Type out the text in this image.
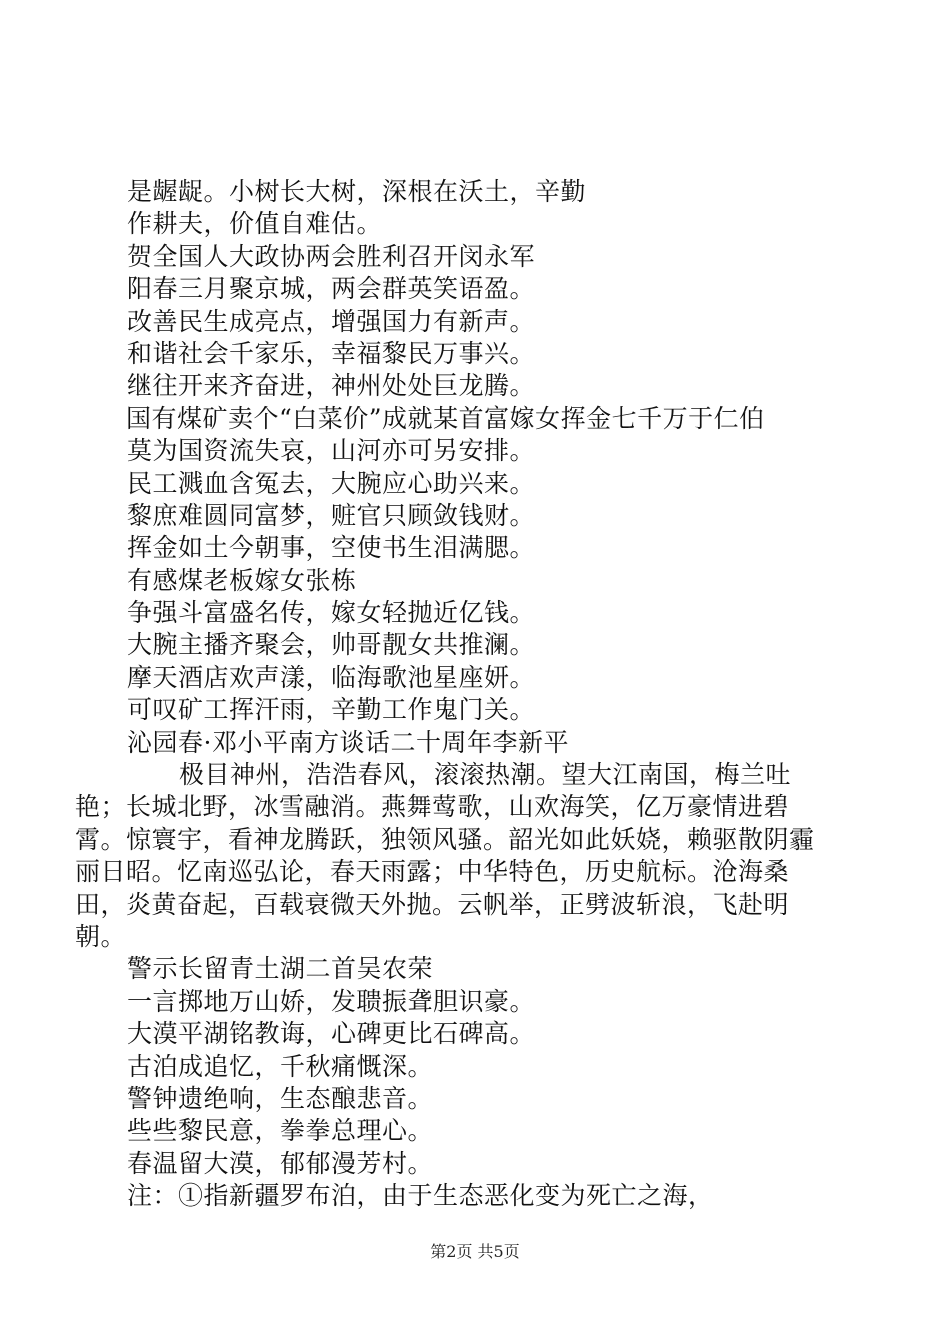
是龌龊。小树长大树，深根在沃土，辛勤
作耕夫，价值自难估。
贺全国人大政协两会胜利召开闵永军
阳春三月聚京城，两会群英笑语盈。
改善民生成亮点，增强国力有新声。
和谐社会千家乐，幸福黎民万事兴。
继往开来齐奋进，神州处处巨龙腾。
国有煤矿卖个“白菜价”成就某首富嫁女挥金七千万于仁伯
莫为国资流失哀，山河亦可另安排。
民工溅血含冤去，大腕应心助兴来。
黎庶难圆同富梦，赃官只顾敛钱财。
挥金如土今朝事，空使书生泪满腮。
有感煤老板嫁女张栋
争强斗富盛名传，嫁女轻抛近亿钱。
大腕主播齐聚会，帅哥靓女共推澜。
摩天酒店欢声漾，临海歌池星座妍。
可叹矿工挥汗雨，辛勤工作鬼门关。
沁园春·邓小平南方谈话二十周年李新平
极目神州，浩浩春风，滚滚热潮。望大江南国，梅兰吐艳；长城北野，冰雪融消。燕舞莺歌，山欢海笑，亿万豪情进碧霄。惊寰宇，看神龙腾跃，独领风骚。韶光如此妖娆，赖驱散阴霾丽日昭。忆南巡弘论，春天雨露；中华特色，历史航标。沧海桑田，炎黄奋起，百载衰微天外抛。云帆举，正劈波斩浪，飞赴明朝。
警示长留青土湖二首吴农荣
一言掷地万山娇，发聩振聋胆识豪。
大漠平湖铭教诲，心碑更比石碑高。
古泊成追忆，千秋痛慨深。
警钟遗绝响，生态酿悲音。
些些黎民意，拳拳总理心。
春温留大漠，郁郁漫芳村。
注：①指新疆罗布泊，由于生态恶化变为死亡之海，
第2页 共5页
